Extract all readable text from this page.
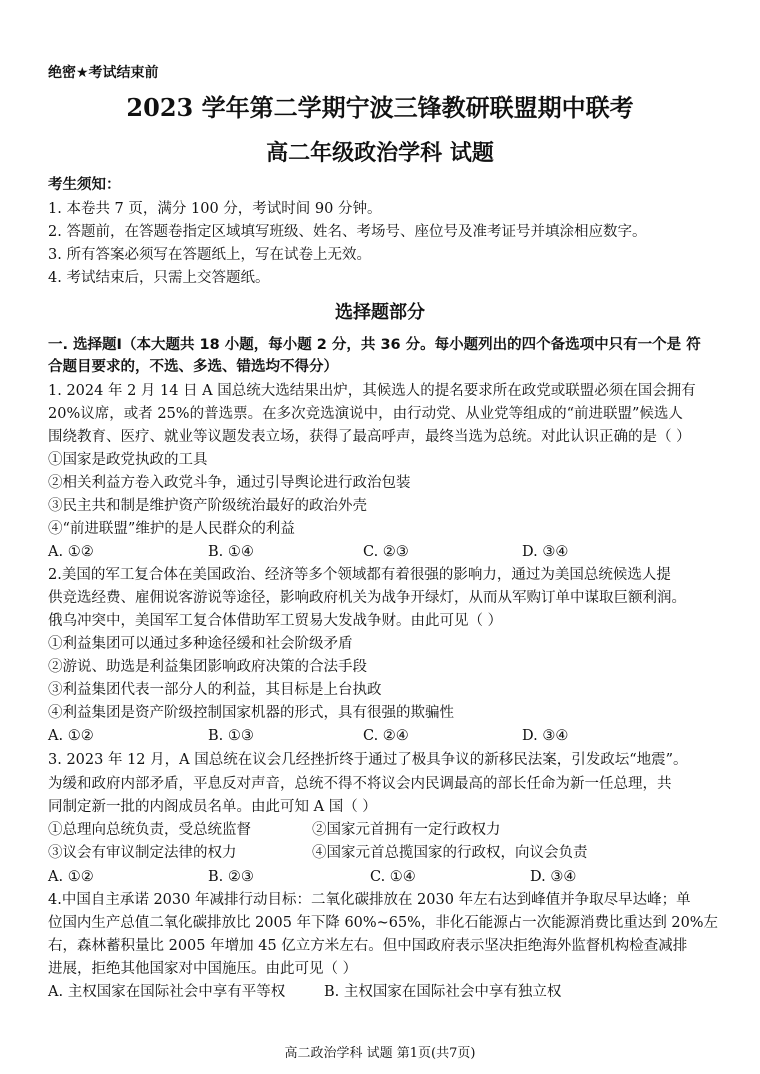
绝密★考试结束前
2023 学年第二学期宁波三锋教研联盟期中联考
高二年级政治学科 试题
考生须知：
1. 本卷共 7 页，满分 100 分，考试时间 90 分钟。
2. 答题前，在答题卷指定区域填写班级、姓名、考场号、座位号及准考证号并填涂相应数字。
3. 所有答案必须写在答题纸上，写在试卷上无效。
4. 考试结束后，只需上交答题纸。
选择题部分
一. 选择题Ⅰ（本大题共 18 小题，每小题 2 分，共 36 分。每小题列出的四个备选项中只有一个是 符
合题目要求的，不选、多选、错选均不得分）
1. 2024 年 2 月 14 日 A 国总统大选结果出炉，其候选人的提名要求所在政党或联盟必须在国会拥有
20%议席，或者 25%的普选票。在多次竞选演说中，由行动党、从业党等组成的“前进联盟”候选人
围绕教育、医疗、就业等议题发表立场，获得了最高呼声，最终当选为总统。对此认识正确的是（ ）
①国家是政党执政的工具
②相关利益方卷入政党斗争，通过引导舆论进行政治包装
③民主共和制是维护资产阶级统治最好的政治外壳
④“前进联盟”维护的是人民群众的利益
A. ①②	B. ①④	C. ②③	D. ③④
2.美国的军工复合体在美国政治、经济等多个领域都有着很强的影响力，通过为美国总统候选人提
供竞选经费、雇佣说客游说等途径，影响政府机关为战争开绿灯，从而从军购订单中谋取巨额利润。
俄乌冲突中，美国军工复合体借助军工贸易大发战争财。由此可见（ ）
①利益集团可以通过多种途径缓和社会阶级矛盾
②游说、助选是利益集团影响政府决策的合法手段
③利益集团代表一部分人的利益，其目标是上台执政
④利益集团是资产阶级控制国家机器的形式，具有很强的欺骗性
A. ①②	B. ①③	C. ②④	D. ③④
3. 2023 年 12 月，A 国总统在议会几经挫折终于通过了极具争议的新移民法案，引发政坛“地震”。
为缓和政府内部矛盾，平息反对声音，总统不得不将议会内民调最高的部长任命为新一任总理，共
同制定新一批的内阁成员名单。由此可知 A 国（ ）
①总理向总统负责，受总统监督	②国家元首拥有一定行政权力
③议会有审议制定法律的权力	④国家元首总揽国家的行政权，向议会负责
A. ①②	B. ②③	C. ①④	D. ③④
4.中国自主承诺 2030 年减排行动目标：二氧化碳排放在 2030 年左右达到峰值并争取尽早达峰；单
位国内生产总值二氧化碳排放比 2005 年下降 60%~65%，非化石能源占一次能源消费比重达到 20%左
右，森林蓄积量比 2005 年增加 45 亿立方米左右。但中国政府表示坚决拒绝海外监督机构检查减排
进展，拒绝其他国家对中国施压。由此可见（ ）
A. 主权国家在国际社会中享有平等权	B. 主权国家在国际社会中享有独立权
高二政治学科 试题 第1页(共7页)
